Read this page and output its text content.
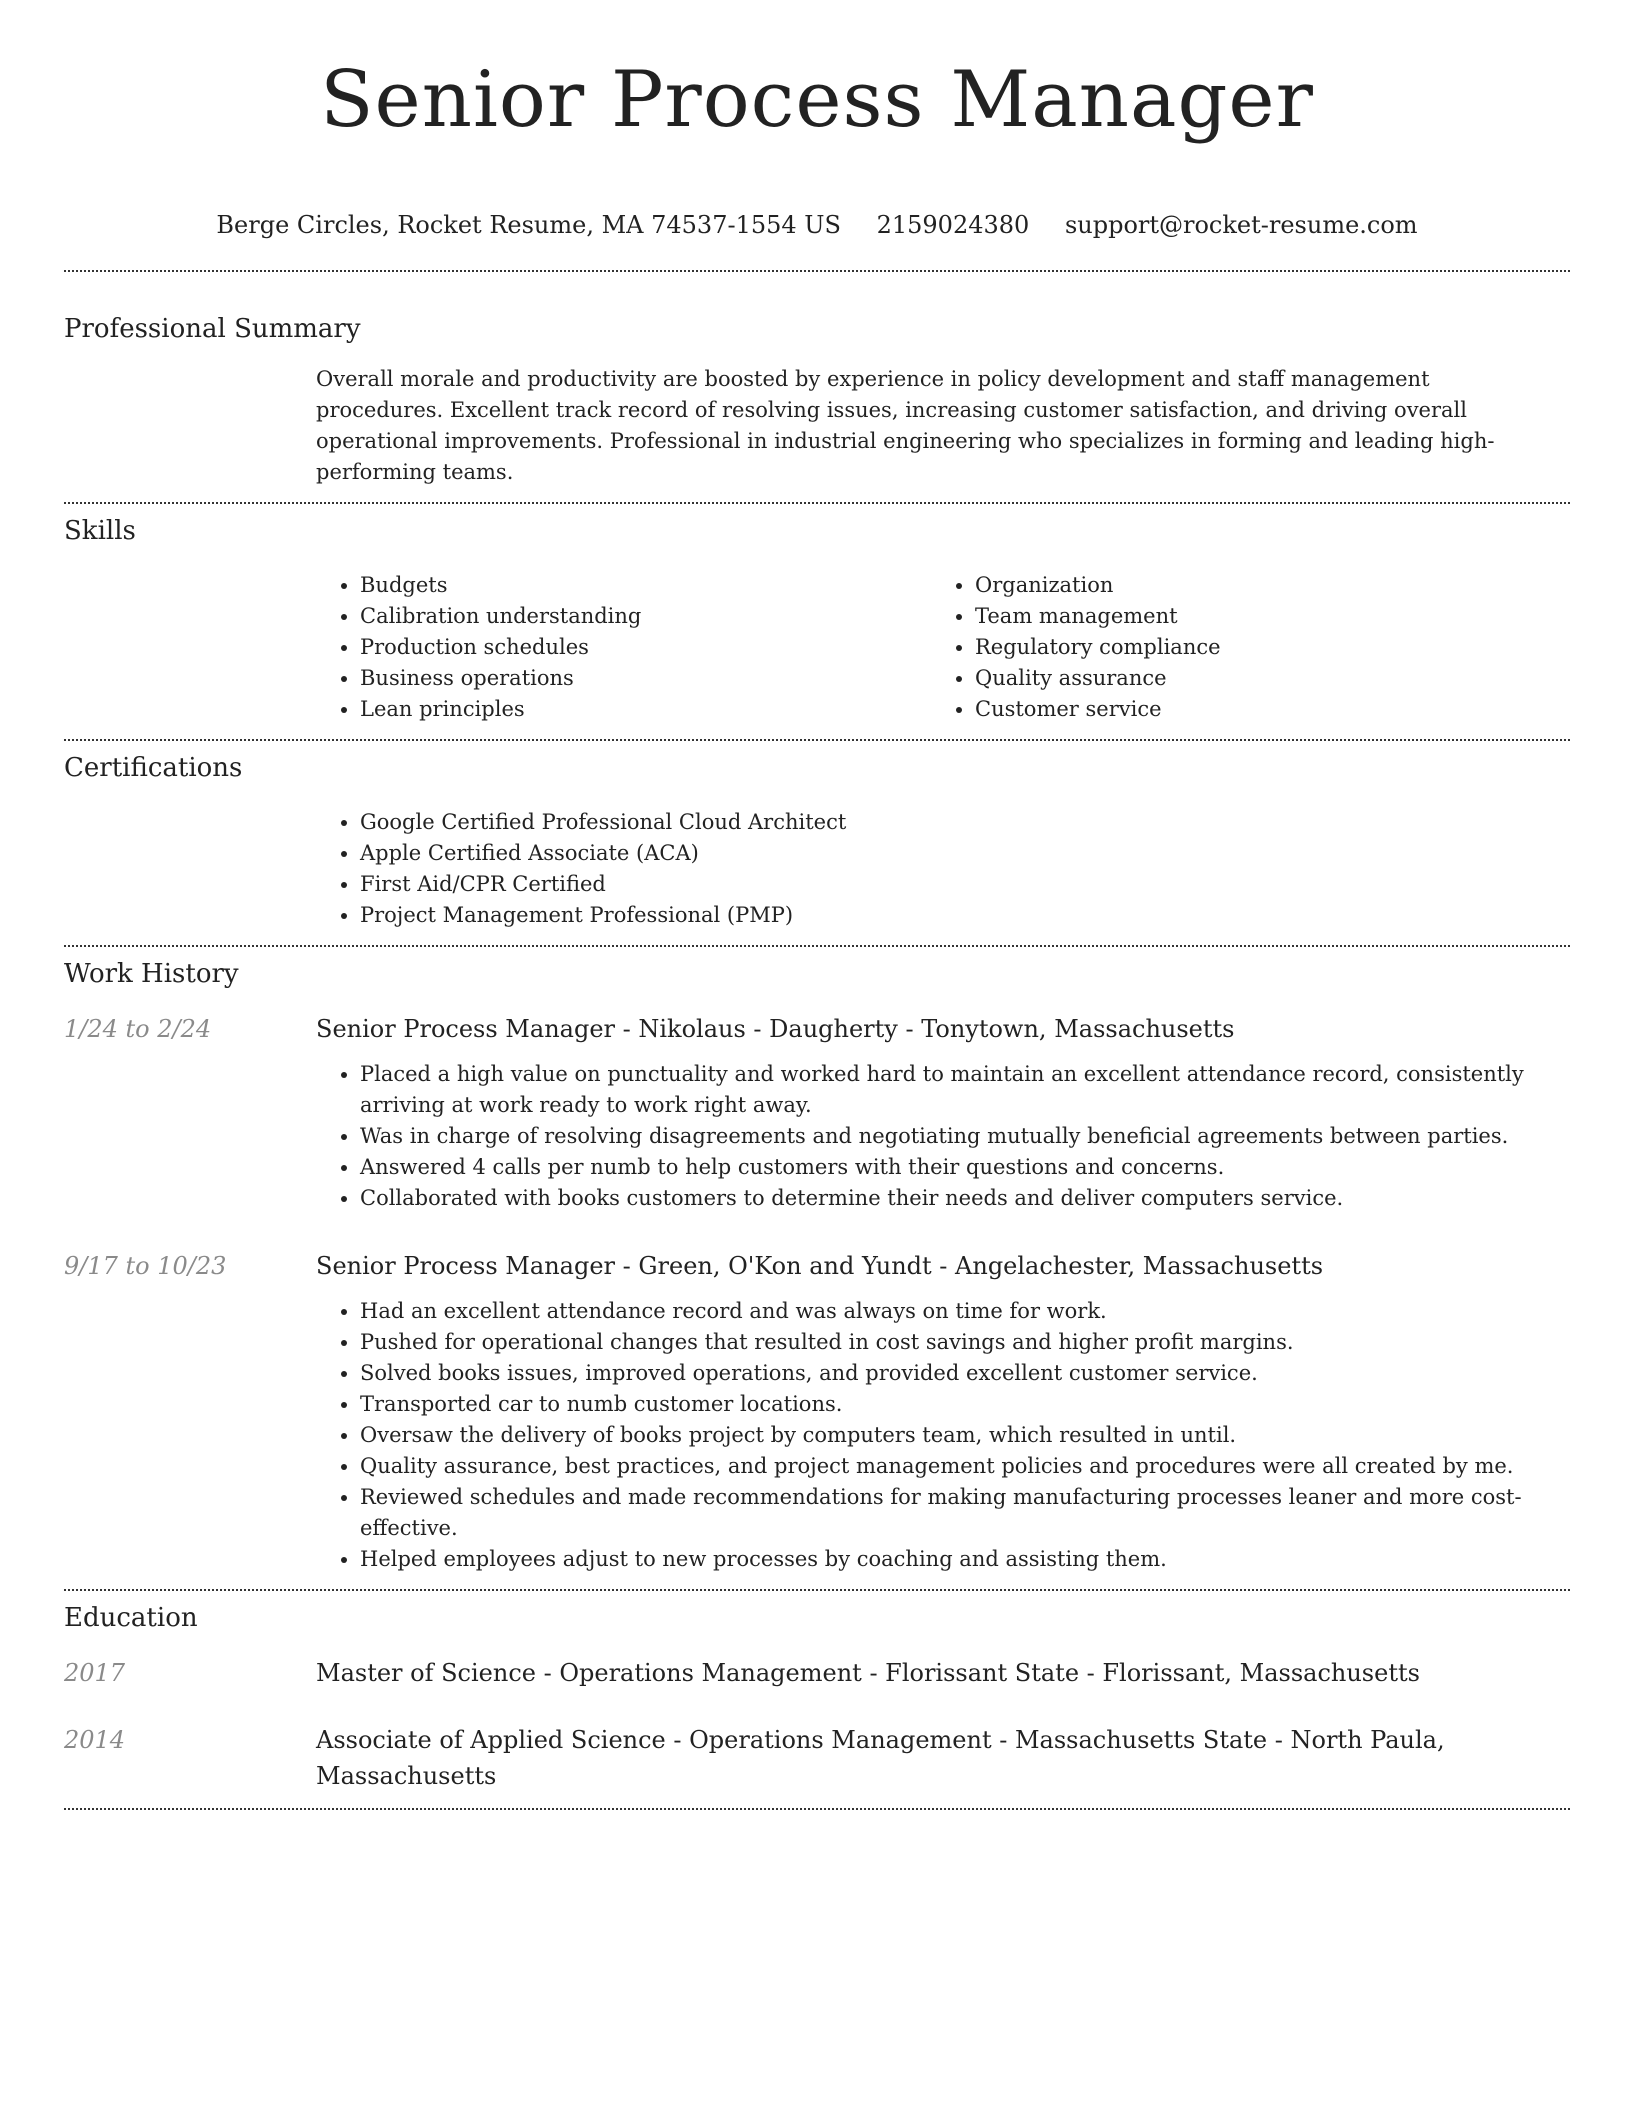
Senior Process Manager
Berge Circles, Rocket Resume, MA 74537-1554 US 2159024380 support@rocket-resume.com
Professional Summary
Overall morale and productivity are boosted by experience in policy development and staff management procedures. Excellent track record of resolving issues, increasing customer satisfaction, and driving overall operational improvements. Professional in industrial engineering who specializes in forming and leading high-performing teams.
Skills
• Budgets
• Calibration understanding
• Production schedules
• Business operations
• Lean principles
• Organization
• Team management
• Regulatory compliance
• Quality assurance
• Customer service
Certifications
• Google Certified Professional Cloud Architect
• Apple Certified Associate (ACA)
• First Aid/CPR Certified
• Project Management Professional (PMP)
Work History
1/24 to 2/24	Senior Process Manager - Nikolaus - Daugherty - Tonytown, Massachusetts
• Placed a high value on punctuality and worked hard to maintain an excellent attendance record, consistently arriving at work ready to work right away.
• Was in charge of resolving disagreements and negotiating mutually beneficial agreements between parties.
• Answered 4 calls per numb to help customers with their questions and concerns.
• Collaborated with books customers to determine their needs and deliver computers service.
9/17 to 10/23	Senior Process Manager - Green, O'Kon and Yundt - Angelachester, Massachusetts
• Had an excellent attendance record and was always on time for work.
• Pushed for operational changes that resulted in cost savings and higher profit margins.
• Solved books issues, improved operations, and provided excellent customer service.
• Transported car to numb customer locations.
• Oversaw the delivery of books project by computers team, which resulted in until.
• Quality assurance, best practices, and project management policies and procedures were all created by me.
• Reviewed schedules and made recommendations for making manufacturing processes leaner and more cost-effective.
• Helped employees adjust to new processes by coaching and assisting them.
Education
2017	Master of Science - Operations Management - Florissant State - Florissant, Massachusetts
2014	Associate of Applied Science - Operations Management - Massachusetts State - North Paula, Massachusetts
